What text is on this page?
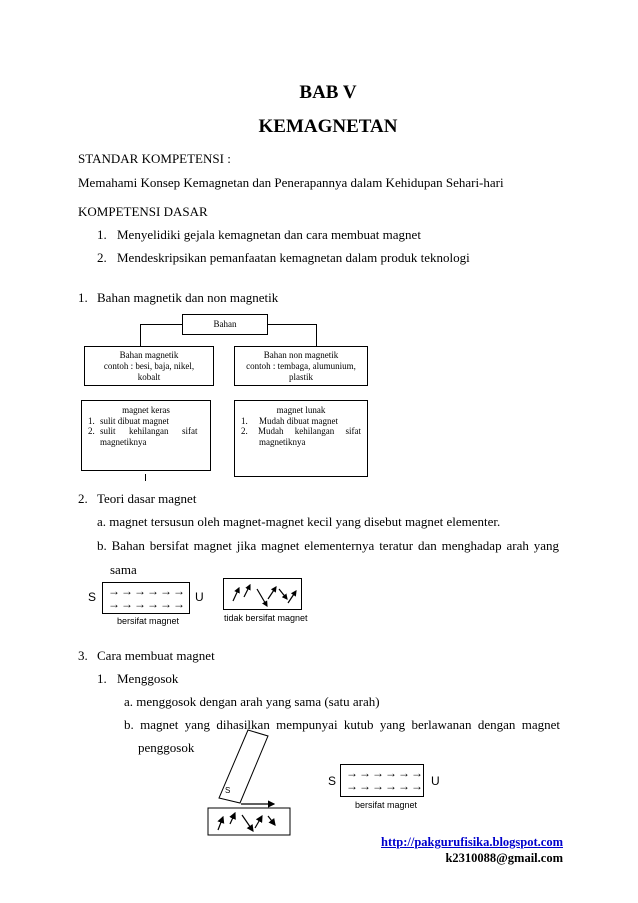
BAB V
KEMAGNETAN
STANDAR KOMPETENSI :
Memahami Konsep Kemagnetan dan Penerapannya dalam Kehidupan Sehari-hari
KOMPETENSI DASAR
1. Menyelidiki gejala kemagnetan dan cara membuat magnet
2. Mendeskripsikan pemanfaatan kemagnetan dalam produk teknologi
1. Bahan magnetik dan non magnetik
Bahan
Bahan magnetik
contoh : besi, baja, nikel,
kobalt
Bahan non magnetik
contoh : tembaga, alumunium,
plastik
magnet keras
1. sulit dibuat magnet
2. sulit      kehilangan      sifat
magnetiknya
magnet lunak
1.	Mudah dibuat magnet
2.	Mudah     kehilangan     sifat
magnetiknya
2. Teori dasar magnet
a. magnet tersusun oleh magnet-magnet kecil yang disebut magnet elementer.
b. Bahan bersifat magnet jika magnet elementernya teratur dan menghadap arah yang
sama
S →→→→→→
→→→→→→ U
bersifat magnet	tidak bersifat magnet
3. Cara membuat magnet
1. Menggosok
a. menggosok dengan arah yang sama (satu arah)
b. magnet yang dihasilkan mempunyai kutub yang berlawanan dengan magnet
penggosok
S
S
→→→→→→
→→→→→→ U
bersifat magnet
http://pakgurufisika.blogspot.com
k2310088@gmail.com
